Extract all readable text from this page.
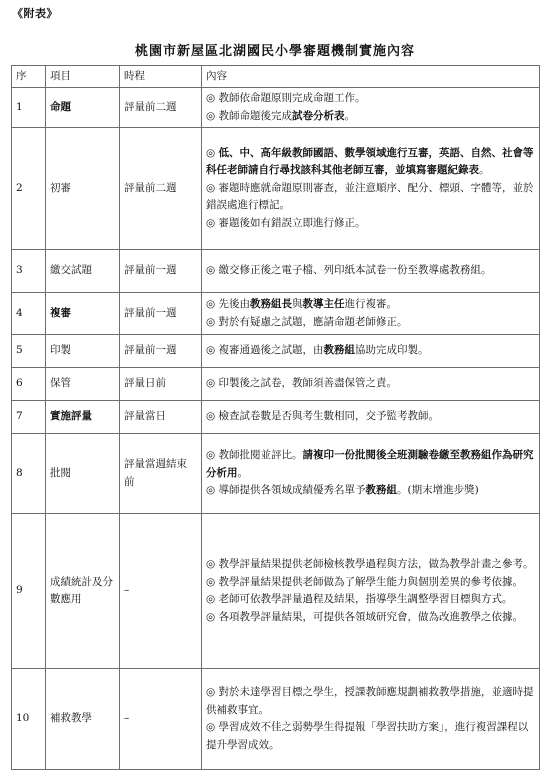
《附表》
桃園市新屋區北湖國民小學審題機制實施內容
序	項目	時程	內容
1	命題	評量前二週	◎ 教師依命題原則完成命題工作。
◎ 教師命題後完成試卷分析表。

2	初審	評量前二週	◎ 低、中、高年級教師國語、數學領域進行互審，英語、自然、社會等科任老師請自行尋找該科其他老師互審，並填寫審題紀錄表。
◎ 審題時應就命題原則審查，並注意順序、配分、標頭、字體等，並於錯誤處進行標記。
◎ 審題後如有錯誤立即進行修正。

3	繳交試題	評量前一週	◎ 繳交修正後之電子檔、列印紙本試卷一份至教導處教務組。

4	複審	評量前一週	◎ 先後由教務組長與教導主任進行複審。
◎ 對於有疑慮之試題，應請命題老師修正。

5	印製	評量前一週	◎ 複審通過後之試題，由教務組協助完成印製。

6	保管	評量日前	◎ 印製後之試卷，教師須善盡保管之責。

7	實施評量	評量當日	◎ 檢查試卷數是否與考生數相同，交予監考教師。

8	批閱	評量當週結束前	◎ 教師批閱並評比。請複印一份批閱後全班測驗卷繳至教務組作為研究分析用。
◎ 導師提供各領域成績優秀名單予教務組。(期末增進步獎)

9	成績統計及分數應用	–	◎ 教學評量結果提供老師檢核教學過程與方法，做為教學計畫之參考。
◎ 教學評量結果提供老師做為了解學生能力與個別差異的參考依據。
◎ 老師可依教學評量過程及結果，指導學生調整學習目標與方式。
◎ 各項教學評量結果，可提供各領域研究會，做為改進教學之依據。

10	補救教學	–	◎ 對於未達學習目標之學生，授課教師應規劃補救教學措施，並適時提供補救事宜。
◎ 學習成效不佳之弱勢學生得提報「學習扶助方案」，進行複習課程以提升學習成效。
